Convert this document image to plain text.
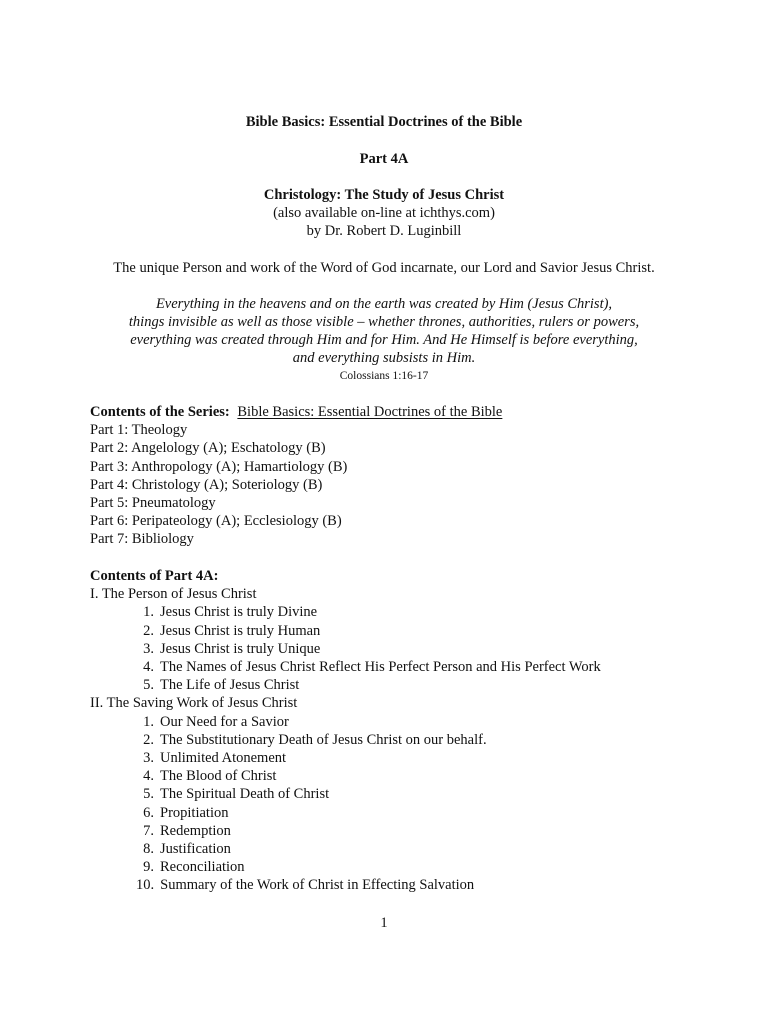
Bible Basics: Essential Doctrines of the Bible
Part 4A
Christology: The Study of Jesus Christ
(also available on-line at ichthys.com)
by Dr. Robert D. Luginbill
The unique Person and work of the Word of God incarnate, our Lord and Savior Jesus Christ.
Everything in the heavens and on the earth was created by Him (Jesus Christ),
things invisible as well as those visible – whether thrones, authorities, rulers or powers,
everything was created through Him and for Him. And He Himself is before everything,
and everything subsists in Him.
Colossians 1:16-17
Contents of the Series: Bible Basics: Essential Doctrines of the Bible
Part 1: Theology
Part 2: Angelology (A); Eschatology (B)
Part 3: Anthropology (A); Hamartiology (B)
Part 4: Christology (A); Soteriology (B)
Part 5: Pneumatology
Part 6: Peripateology (A); Ecclesiology (B)
Part 7: Bibliology
Contents of Part 4A:
I. The Person of Jesus Christ
1. Jesus Christ is truly Divine
2. Jesus Christ is truly Human
3. Jesus Christ is truly Unique
4. The Names of Jesus Christ Reflect His Perfect Person and His Perfect Work
5. The Life of Jesus Christ
II. The Saving Work of Jesus Christ
1. Our Need for a Savior
2. The Substitutionary Death of Jesus Christ on our behalf.
3. Unlimited Atonement
4. The Blood of Christ
5. The Spiritual Death of Christ
6. Propitiation
7. Redemption
8. Justification
9. Reconciliation
10. Summary of the Work of Christ in Effecting Salvation
1
